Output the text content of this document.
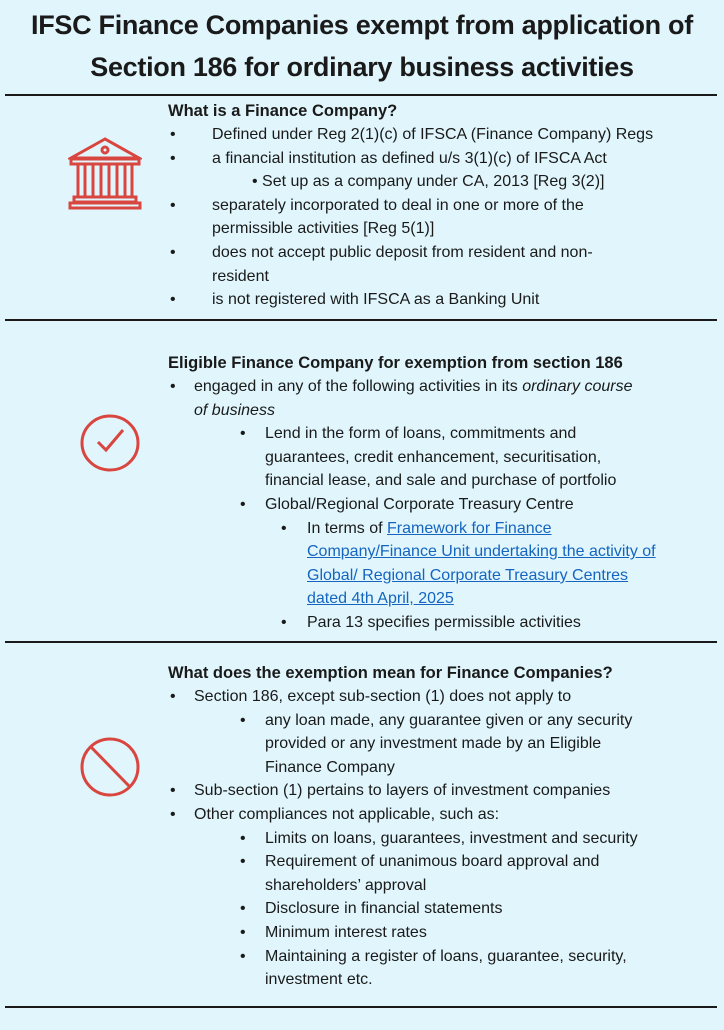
IFSC Finance Companies exempt from application of
Section 186 for ordinary business activities
What is a Finance Company?
• Defined under Reg 2(1)(c) of IFSCA (Finance Company) Regs
• a financial institution as defined u/s 3(1)(c) of IFSCA Act
• Set up as a company under CA, 2013 [Reg 3(2)]
• separately incorporated to deal in one or more of the
permissible activities [Reg 5(1)]
• does not accept public deposit from resident and non-
resident
• is not registered with IFSCA as a Banking Unit
Eligible Finance Company for exemption from section 186
• engaged in any of the following activities in its ordinary course
of business
• Lend in the form of loans, commitments and
guarantees, credit enhancement, securitisation,
financial lease, and sale and purchase of portfolio
• Global/Regional Corporate Treasury Centre
• In terms of Framework for Finance
Company/Finance Unit undertaking the activity of
Global/ Regional Corporate Treasury Centres
dated 4th April, 2025
• Para 13 specifies permissible activities
What does the exemption mean for Finance Companies?
• Section 186, except sub-section (1) does not apply to
• any loan made, any guarantee given or any security
provided or any investment made by an Eligible
Finance Company
• Sub-section (1) pertains to layers of investment companies
• Other compliances not applicable, such as:
• Limits on loans, guarantees, investment and security
• Requirement of unanimous board approval and
shareholders’ approval
• Disclosure in financial statements
• Minimum interest rates
• Maintaining a register of loans, guarantee, security,
investment etc.
